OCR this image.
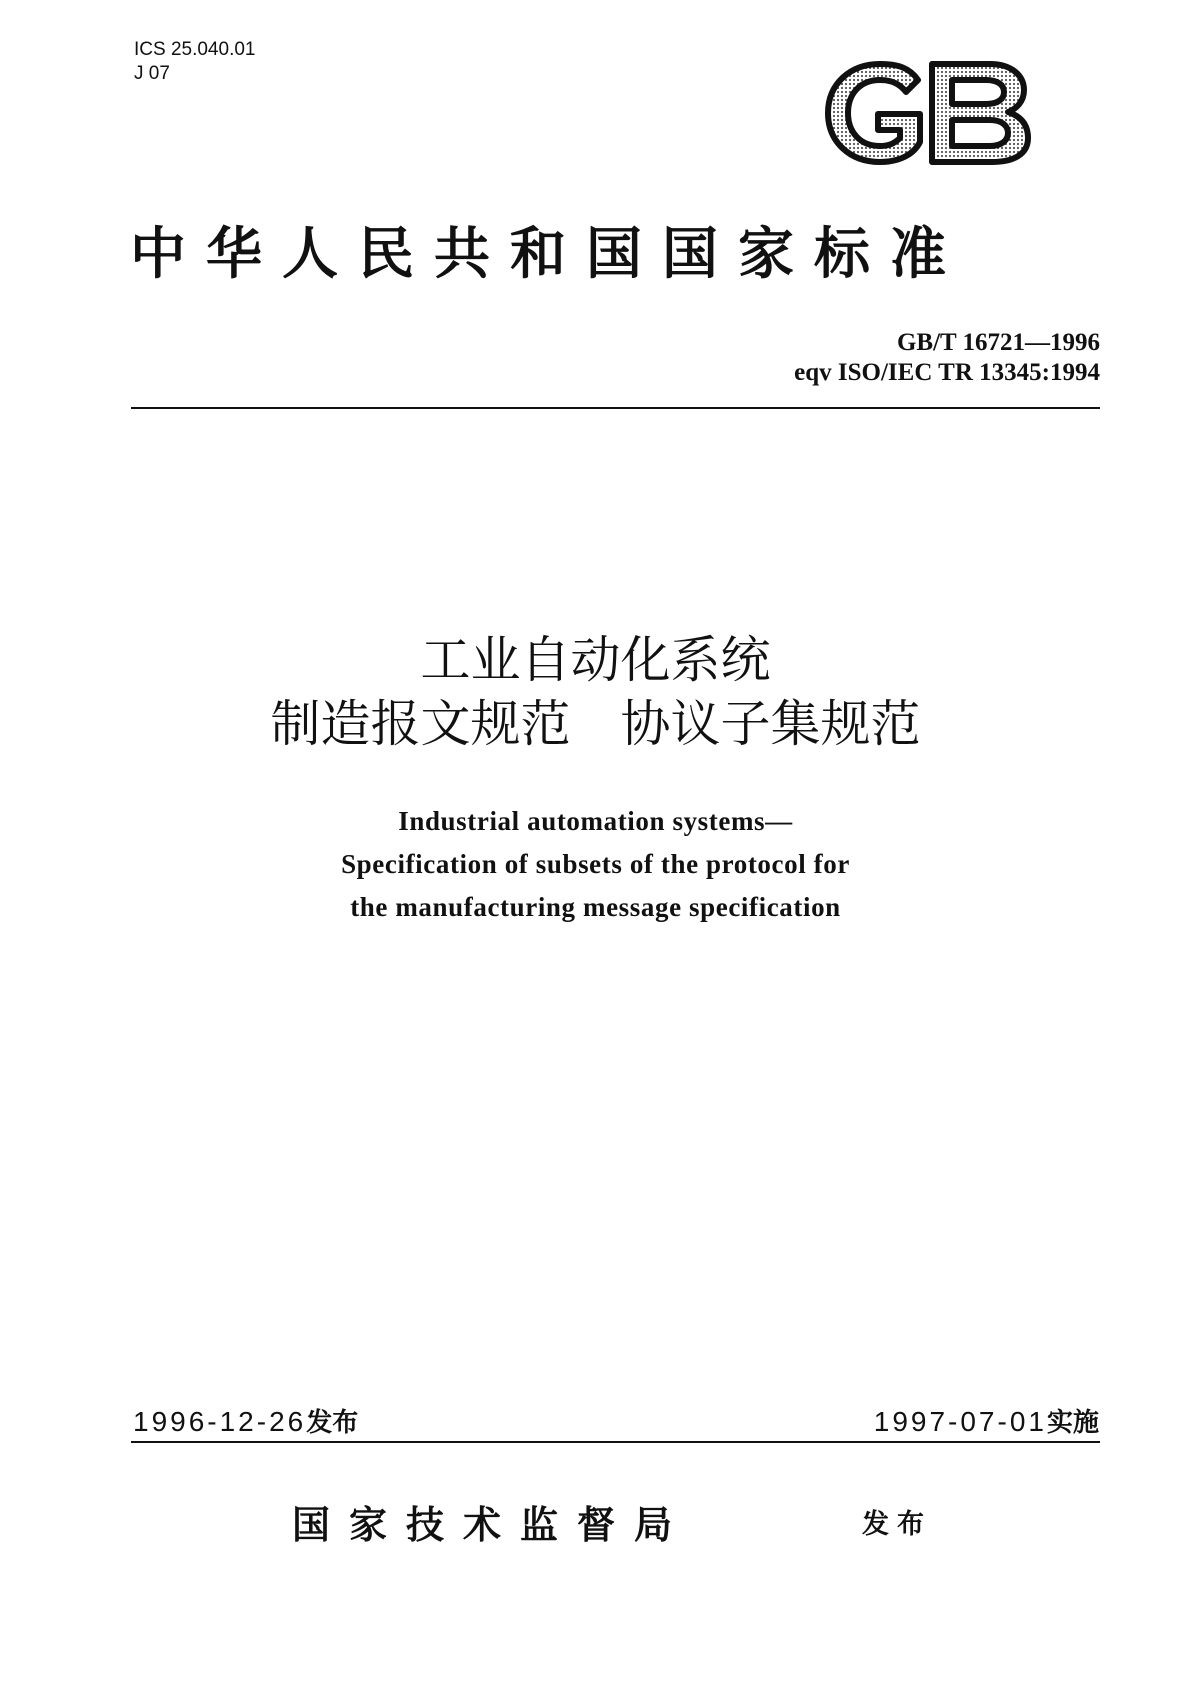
ICS 25.040.01
J 07
中华人民共和国国家标准
GB/T 16721—1996
eqv ISO/IEC TR 13345:1994
工业自动化系统
制造报文规范　协议子集规范
Industrial automation systems—
Specification of subsets of the protocol for
the manufacturing message specification
1996-12-26发布	1997-07-01实施
国家技术监督局	发布
